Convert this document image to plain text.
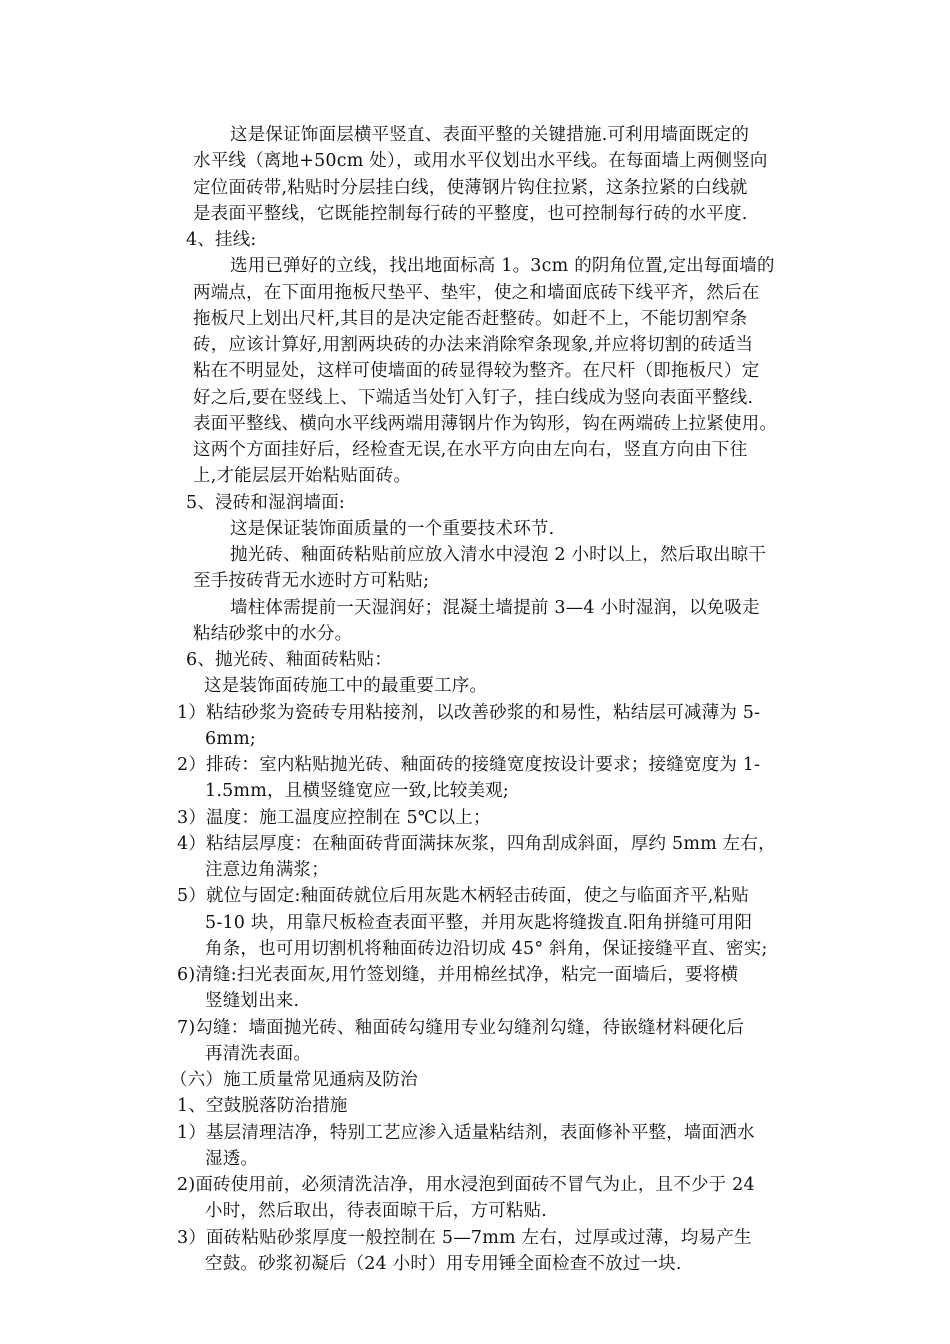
这是保证饰面层横平竖直、表面平整的关键措施.可利用墙面既定的
水平线（离地+50cm 处），或用水平仪划出水平线。在每面墙上两侧竖向
定位面砖带,粘贴时分层挂白线，使薄钢片钩住拉紧，这条拉紧的白线就
是表面平整线，它既能控制每行砖的平整度，也可控制每行砖的水平度.
4、挂线:
选用已弹好的立线，找出地面标高 1。3cm 的阴角位置,定出每面墙的
两端点，在下面用拖板尺垫平、垫牢，使之和墙面底砖下线平齐，然后在
拖板尺上划出尺杆,其目的是决定能否赶整砖。如赶不上，不能切割窄条
砖，应该计算好,用割两块砖的办法来消除窄条现象,并应将切割的砖适当
粘在不明显处，这样可使墙面的砖显得较为整齐。在尺杆（即拖板尺）定
好之后,要在竖线上、下端适当处钉入钉子，挂白线成为竖向表面平整线.
表面平整线、横向水平线两端用薄钢片作为钩形，钩在两端砖上拉紧使用。
这两个方面挂好后，经检查无误,在水平方向由左向右，竖直方向由下往
上,才能层层开始粘贴面砖。
5、浸砖和湿润墙面:
这是保证装饰面质量的一个重要技术环节.
抛光砖、釉面砖粘贴前应放入清水中浸泡 2 小时以上，然后取出晾干
至手按砖背无水迹时方可粘贴;
墙柱体需提前一天湿润好；混凝土墙提前 3—4 小时湿润，以免吸走
粘结砂浆中的水分。
6、抛光砖、釉面砖粘贴：
这是装饰面砖施工中的最重要工序。
1）粘结砂浆为瓷砖专用粘接剂，以改善砂浆的和易性，粘结层可减薄为 5-
6mm;
2）排砖：室内粘贴抛光砖、釉面砖的接缝宽度按设计要求；接缝宽度为 1-
1.5mm，且横竖缝宽应一致,比较美观;
3）温度：施工温度应控制在 5℃以上；
4）粘结层厚度：在釉面砖背面满抹灰浆，四角刮成斜面，厚约 5mm 左右，
注意边角满浆；
5）就位与固定:釉面砖就位后用灰匙木柄轻击砖面，使之与临面齐平,粘贴
5-10 块，用靠尺板检查表面平整，并用灰匙将缝拨直.阳角拼缝可用阳
角条，也可用切割机将釉面砖边沿切成 45° 斜角，保证接缝平直、密实;
6)清缝:扫光表面灰,用竹签划缝，并用棉丝拭净，粘完一面墙后，要将横
竖缝划出来.
7)勾缝：墙面抛光砖、釉面砖勾缝用专业勾缝剂勾缝，待嵌缝材料硬化后
再清洗表面。
（六）施工质量常见通病及防治
1、空鼓脱落防治措施
1）基层清理洁净，特别工艺应渗入适量粘结剂，表面修补平整，墙面洒水
湿透。
2)面砖使用前，必须清洗洁净，用水浸泡到面砖不冒气为止，且不少于 24
小时，然后取出，待表面晾干后，方可粘贴.
3）面砖粘贴砂浆厚度一般控制在 5—7mm 左右，过厚或过薄，均易产生
空鼓。砂浆初凝后（24 小时）用专用锤全面检查不放过一块.
